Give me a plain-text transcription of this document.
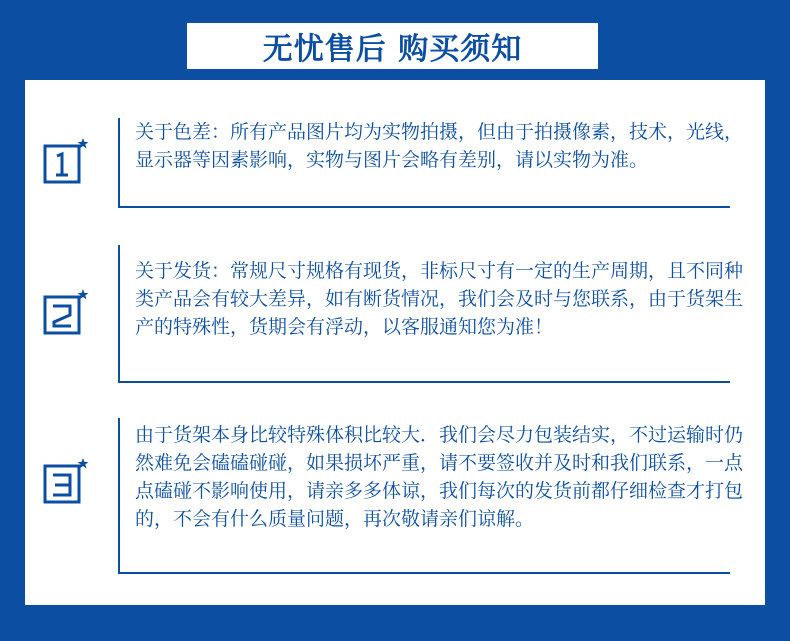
无忧售后 购买须知
关于色差：所有产品图片均为实物拍摄，但由于拍摄像素，技术，光线，显示器等因素影响，实物与图片会略有差别，请以实物为准。
关于发货：常规尺寸规格有现货，非标尺寸有一定的生产周期，且不同种类产品会有较大差异，如有断货情况，我们会及时与您联系，由于货架生产的特殊性，货期会有浮动，以客服通知您为准！
由于货架本身比较特殊体积比较大．我们会尽力包装结实，不过运输时仍然难免会磕磕碰碰，如果损坏严重，请不要签收并及时和我们联系，一点点磕碰不影响使用，请亲多多体谅，我们每次的发货前都仔细检查才打包的，不会有什么质量问题，再次敬请亲们谅解。
